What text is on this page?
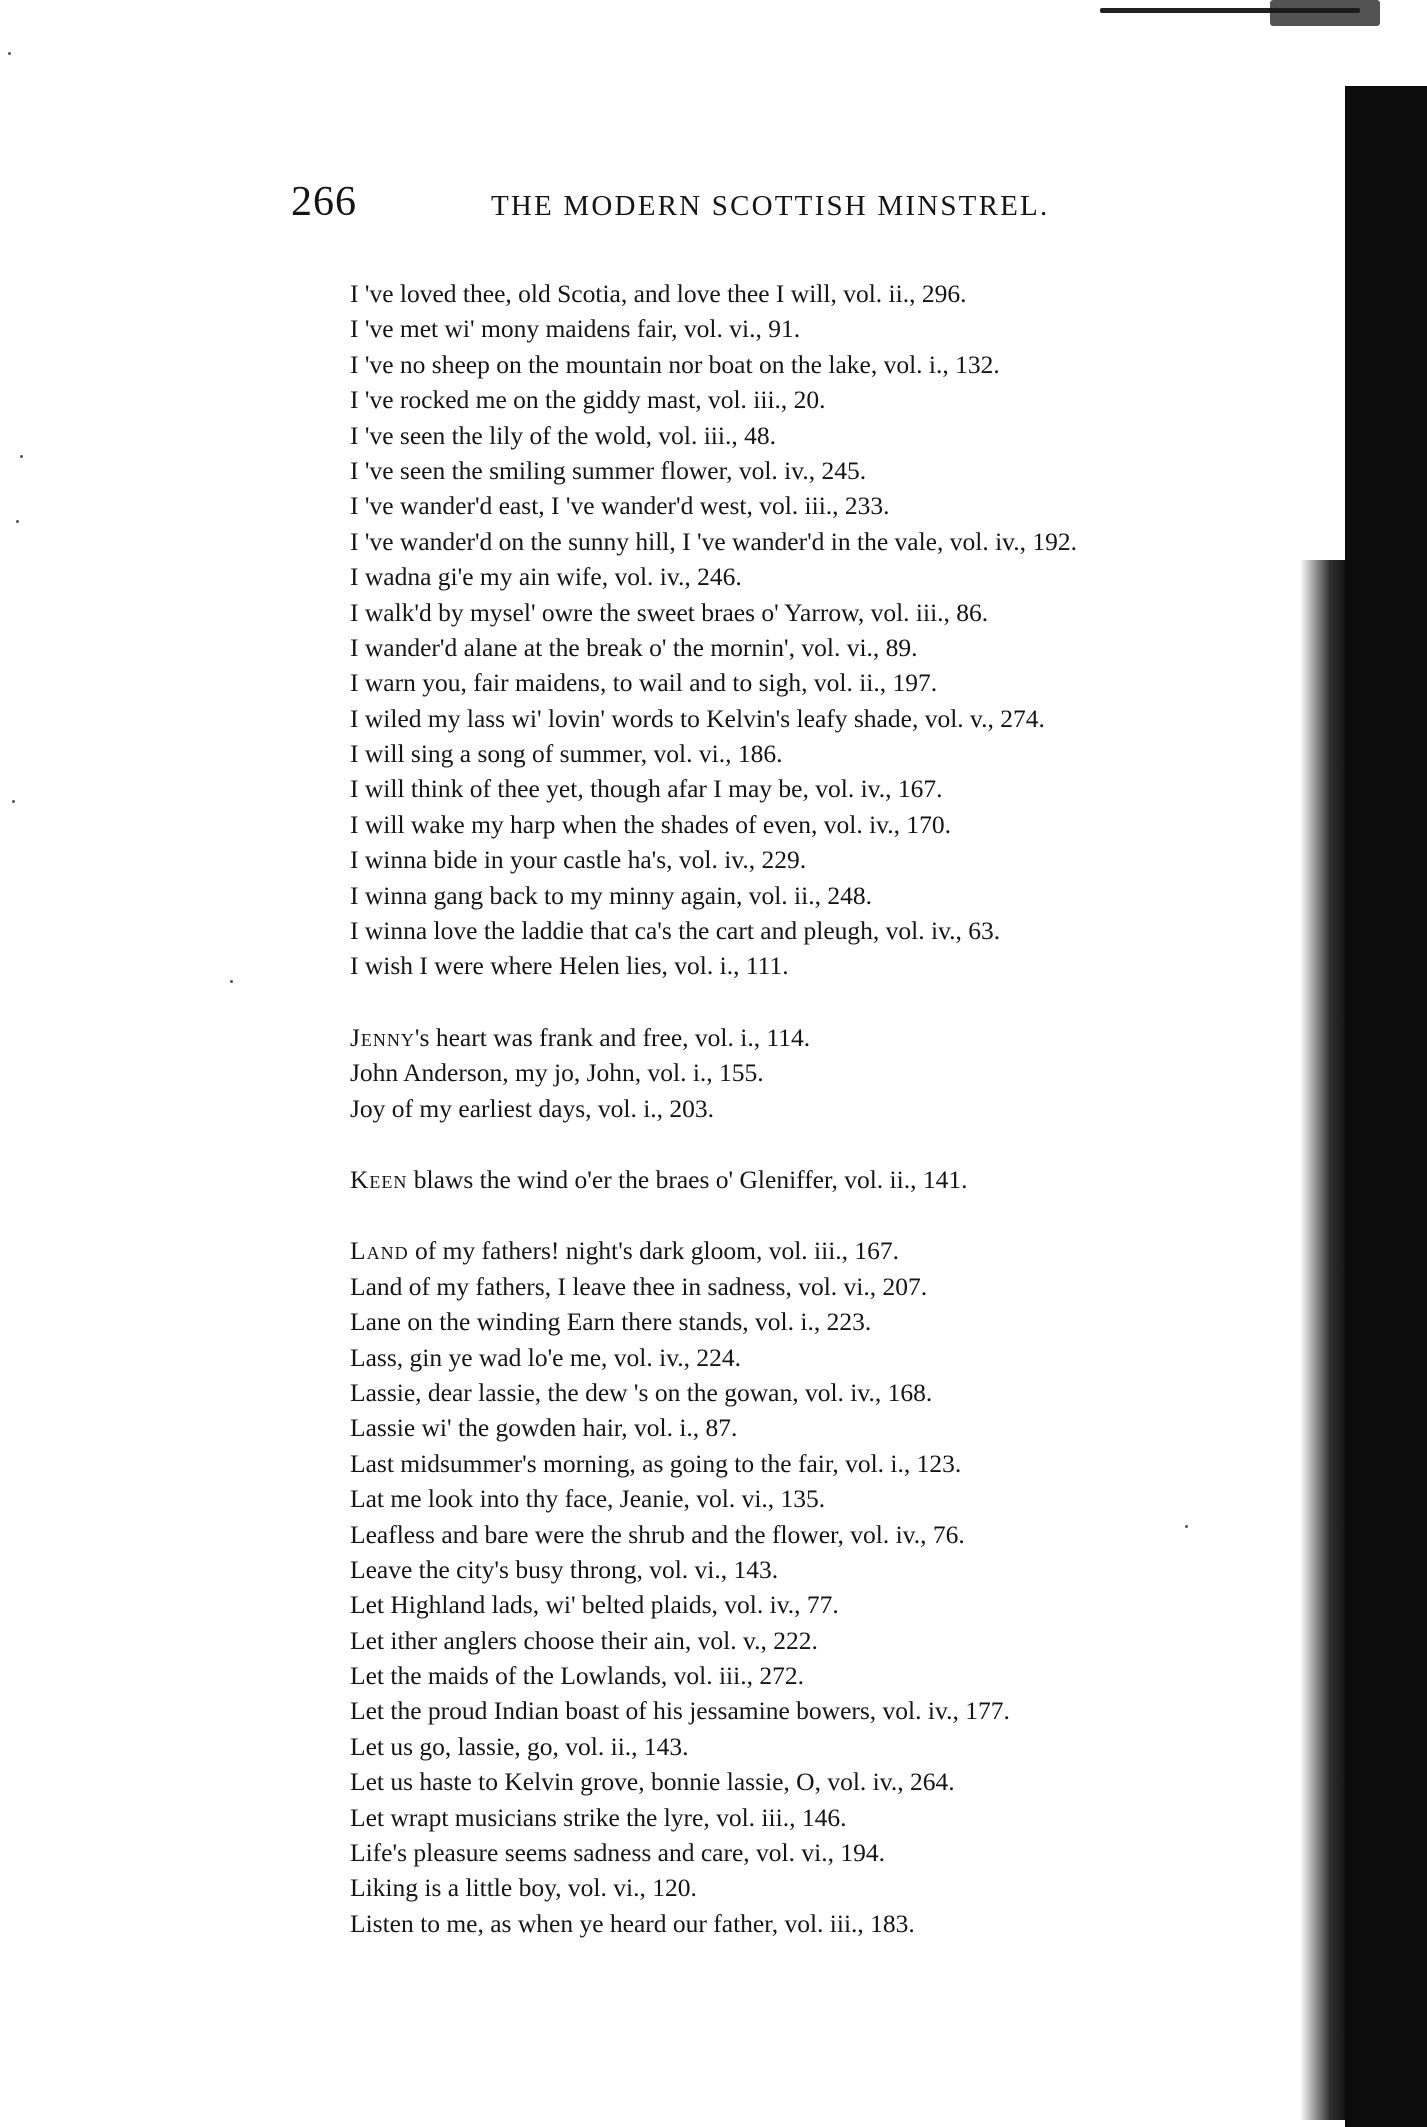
266	THE MODERN SCOTTISH MINSTREL.
I 've loved thee, old Scotia, and love thee I will, vol. ii., 296.
I 've met wi' mony maidens fair, vol. vi., 91.
I 've no sheep on the mountain nor boat on the lake, vol. i., 132.
I 've rocked me on the giddy mast, vol. iii., 20.
I 've seen the lily of the wold, vol. iii., 48.
I 've seen the smiling summer flower, vol. iv., 245.
I 've wander'd east, I 've wander'd west, vol. iii., 233.
I 've wander'd on the sunny hill, I 've wander'd in the vale, vol. iv., 192.
I wadna gi'e my ain wife, vol. iv., 246.
I walk'd by mysel' owre the sweet braes o' Yarrow, vol. iii., 86.
I wander'd alane at the break o' the mornin', vol. vi., 89.
I warn you, fair maidens, to wail and to sigh, vol. ii., 197.
I wiled my lass wi' lovin' words to Kelvin's leafy shade, vol. v., 274.
I will sing a song of summer, vol. vi., 186.
I will think of thee yet, though afar I may be, vol. iv., 167.
I will wake my harp when the shades of even, vol. iv., 170.
I winna bide in your castle ha's, vol. iv., 229.
I winna gang back to my minny again, vol. ii., 248.
I winna love the laddie that ca's the cart and pleugh, vol. iv., 63.
I wish I were where Helen lies, vol. i., 111.
Jenny's heart was frank and free, vol. i., 114.
John Anderson, my jo, John, vol. i., 155.
Joy of my earliest days, vol. i., 203.
Keen blaws the wind o'er the braes o' Gleniffer, vol. ii., 141.
Land of my fathers! night's dark gloom, vol. iii., 167.
Land of my fathers, I leave thee in sadness, vol. vi., 207.
Lane on the winding Earn there stands, vol. i., 223.
Lass, gin ye wad lo'e me, vol. iv., 224.
Lassie, dear lassie, the dew 's on the gowan, vol. iv., 168.
Lassie wi' the gowden hair, vol. i., 87.
Last midsummer's morning, as going to the fair, vol. i., 123.
Lat me look into thy face, Jeanie, vol. vi., 135.
Leafless and bare were the shrub and the flower, vol. iv., 76.
Leave the city's busy throng, vol. vi., 143.
Let Highland lads, wi' belted plaids, vol. iv., 77.
Let ither anglers choose their ain, vol. v., 222.
Let the maids of the Lowlands, vol. iii., 272.
Let the proud Indian boast of his jessamine bowers, vol. iv., 177.
Let us go, lassie, go, vol. ii., 143.
Let us haste to Kelvin grove, bonnie lassie, O, vol. iv., 264.
Let wrapt musicians strike the lyre, vol. iii., 146.
Life's pleasure seems sadness and care, vol. vi., 194.
Liking is a little boy, vol. vi., 120.
Listen to me, as when ye heard our father, vol. iii., 183.
